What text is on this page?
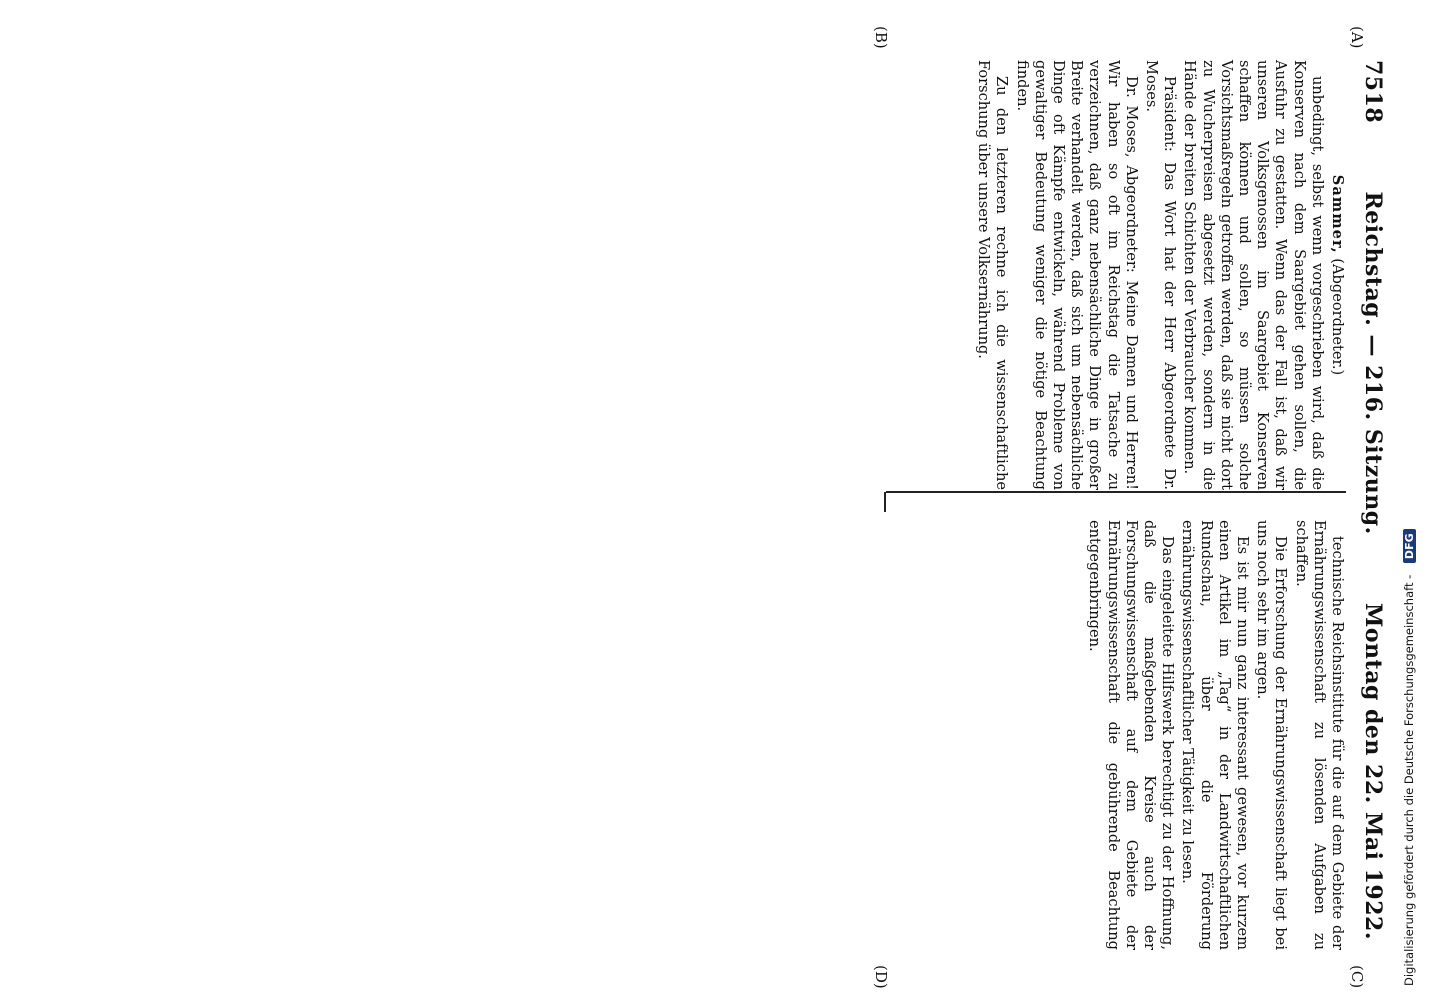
7518
Reichstag. — 216. Sitzung.
Montag den 22. Mai 1922.
(A)
(B)
(C)
(D)

Sammer, (Abgeordneter.)

unbedingt, selbst wenn vorgeschrieben wird, daß die Konserven nach dem Saargebiet gehen sollen, die Ausfuhr zu gestatten. Wenn das der Fall ist, daß wir unseren Volksgenossen im Saargebiet Konserven schaffen können und sollen, so müssen solche Vorsichtsmaßregeln getroffen werden, daß sie nicht dort zu Wucherpreisen abgesetzt werden, sondern in die Hände der breiten Schichten der Verbraucher kommen.

Präsident: Das Wort hat der Herr Abgeordnete Dr. Moses.

Dr. Moses, Abgeordneter: Meine Damen und Herren! Wir haben so oft im Reichstag die Tatsache zu verzeichnen, daß ganz nebensächliche Dinge in großer Breite verhandelt werden, daß sich um nebensächliche Dinge oft Kämpfe entwickeln, während Probleme von gewaltiger Bedeutung weniger die nötige Beachtung finden.

Zu den letzteren rechne ich die wissenschaftliche Forschung über unsere Volksernährung.

technische Reichsinstitute für die auf dem Gebiete der Ernährungswissenschaft zu lösenden Aufgaben zu schaffen.

Die Erforschung der Ernährungswissenschaft liegt bei uns noch sehr im argen.

Es ist mir nun ganz interessant gewesen, vor kurzem einen Artikel im „Tag“ in der Landwirtschaftlichen Rundschau, über die Förderung ernährungswissenschaftlicher Tätigkeit zu lesen.

Das eingeleitete Hilfswerk berechtigt zu der Hoffnung, daß die maßgebenden Kreise auch der Forschungswissenschaft auf dem Gebiete der Ernährungswissenschaft die gebührende Beachtung entgegenbringen.	Digitalisierung gefördert durch die Deutsche Forschungsgemeinschaft - DFG
